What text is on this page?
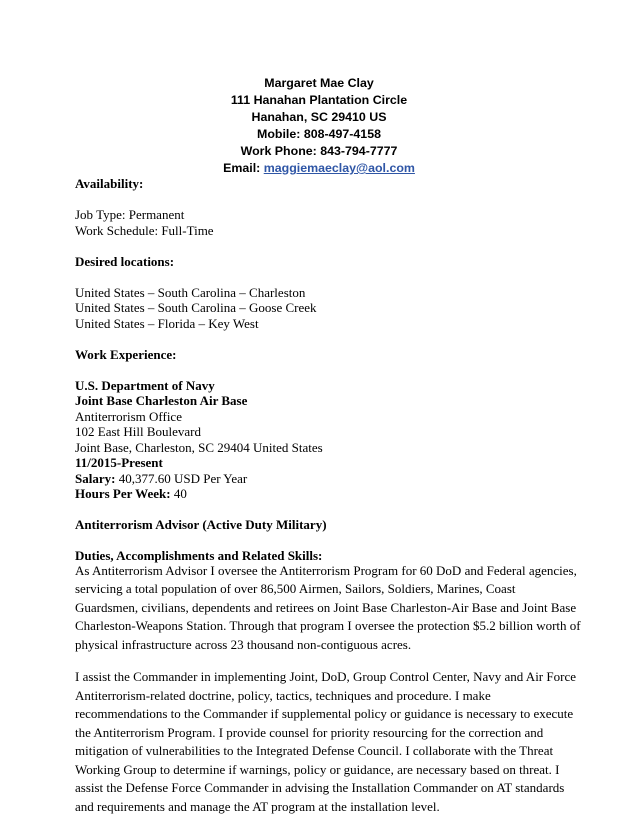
Margaret Mae Clay
111 Hanahan Plantation Circle
Hanahan, SC 29410 US
Mobile: 808-497-4158
Work Phone: 843-794-7777
Email: maggiemaeclay@aol.com
Availability:
Job Type: Permanent
Work Schedule: Full-Time
Desired locations:
United States – South Carolina – Charleston
United States – South Carolina – Goose Creek
United States – Florida – Key West
Work Experience:
U.S. Department of Navy
Joint Base Charleston Air Base
Antiterrorism Office
102 East Hill Boulevard
Joint Base, Charleston, SC 29404 United States
11/2015-Present
Salary: 40,377.60 USD Per Year
Hours Per Week: 40
Antiterrorism Advisor (Active Duty Military)
Duties, Accomplishments and Related Skills:
As Antiterrorism Advisor I oversee the Antiterrorism Program for 60 DoD and Federal agencies,
servicing a total population of over 86,500 Airmen, Sailors, Soldiers, Marines, Coast
Guardsmen, civilians, dependents and retirees on Joint Base Charleston-Air Base and Joint Base
Charleston-Weapons Station. Through that program I oversee the protection $5.2 billion worth of
physical infrastructure across 23 thousand non-contiguous acres.
I assist the Commander in implementing Joint, DoD, Group Control Center, Navy and Air Force
Antiterrorism-related doctrine, policy, tactics, techniques and procedure. I make
recommendations to the Commander if supplemental policy or guidance is necessary to execute
the Antiterrorism Program. I provide counsel for priority resourcing for the correction and
mitigation of vulnerabilities to the Integrated Defense Council. I collaborate with the Threat
Working Group to determine if warnings, policy or guidance, are necessary based on threat. I
assist the Defense Force Commander in advising the Installation Commander on AT standards
and requirements and manage the AT program at the installation level.
